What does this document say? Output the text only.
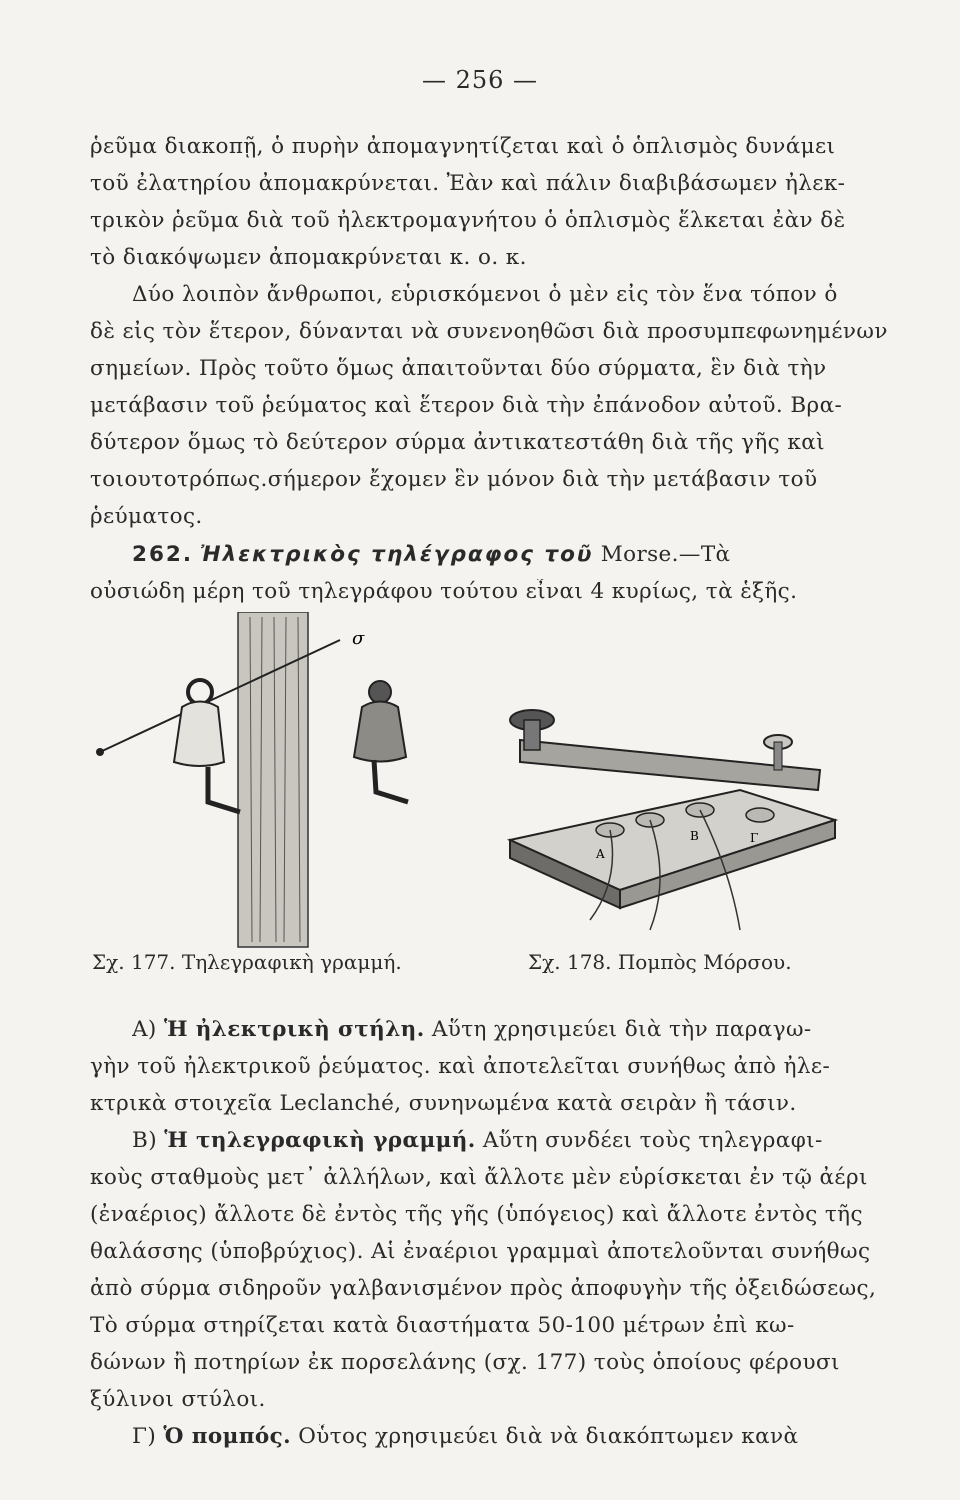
— 256 —
ῥεῦμα διακοπῇ, ὁ πυρὴν ἀπομαγνητίζεται καὶ ὁ ὁπλισμὸς δυνάμει
τοῦ ἐλατηρίου ἀπομακρύνεται. Ἐὰν καὶ πάλιν διαβιβάσωμεν ἠλεκ-
τρικὸν ῥεῦμα διὰ τοῦ ἠλεκτρομαγνήτου ὁ ὁπλισμὸς ἕλκεται ἐὰν δὲ
τὸ διακόψωμεν ἀπομακρύνεται κ. ο. κ.
Δύο λοιπὸν ἄνθρωποι, εὑρισκόμενοι ὁ μὲν εἰς τὸν ἕνα τόπον ὁ
δὲ εἰς τὸν ἕτερον, δύνανται νὰ συνενοηθῶσι διὰ προσυμπεφωνημένων
σημείων. Πρὸς τοῦτο ὅμως ἀπαιτοῦνται δύο σύρματα, ἓν διὰ τὴν
μετάβασιν τοῦ ῥεύματος καὶ ἕτερον διὰ τὴν ἐπάνοδον αὐτοῦ. Βρα-
δύτερον ὅμως τὸ δεύτερον σύρμα ἀντικατεστάθη διὰ τῆς γῆς καὶ
τοιουτοτρόπως.σήμερον ἔχομεν ἓν μόνον διὰ τὴν μετάβασιν τοῦ
ῥεύματος.
262. Ἠλεκτρικὸς τηλέγραφος τοῦ Morse.—Τὰ
οὐσιώδη μέρη τοῦ τηλεγράφου τούτου εἶναι 4 κυρίως, τὰ ἑξῆς.
σ
Α
Β	Γ
Σχ. 177. Τηλεγραφικὴ γραμμή.	Σχ. 178. Πομπὸς Μόρσου.
Α) Ἡ ἠλεκτρικὴ στήλη. Αὕτη χρησιμεύει διὰ τὴν παραγω-
γὴν τοῦ ἠλεκτρικοῦ ῥεύματος. καὶ ἀποτελεῖται συνήθως ἀπὸ ἠλε-
κτρικὰ στοιχεῖα Leclanché, συνηνωμένα κατὰ σειρὰν ἢ τάσιν.
Β) Ἡ τηλεγραφικὴ γραμμή. Αὕτη συνδέει τοὺς τηλεγραφι-
κοὺς σταθμοὺς μετ᾽ ἀλλήλων, καὶ ἄλλοτε μὲν εὑρίσκεται ἐν τῷ ἀέρι
(ἐναέριος) ἄλλοτε δὲ ἐντὸς τῆς γῆς (ὑπόγειος) καὶ ἄλλοτε ἐντὸς τῆς
θαλάσσης (ὑποβρύχιος). Αἱ ἐναέριοι γραμμαὶ ἀποτελοῦνται συνήθως
ἀπὸ σύρμα σιδηροῦν γαλβανισμένον πρὸς ἀποφυγὴν τῆς ὀξειδώσεως,
Τὸ σύρμα στηρίζεται κατὰ διαστήματα 50-100 μέτρων ἐπὶ κω-
δώνων ἢ ποτηρίων ἐκ πορσελάνης (σχ. 177) τοὺς ὁποίους φέρουσι
ξύλινοι στύλοι.
Γ) Ὁ πομπός. Οὗτος χρησιμεύει διὰ νὰ διακόπτωμεν κανὰ
